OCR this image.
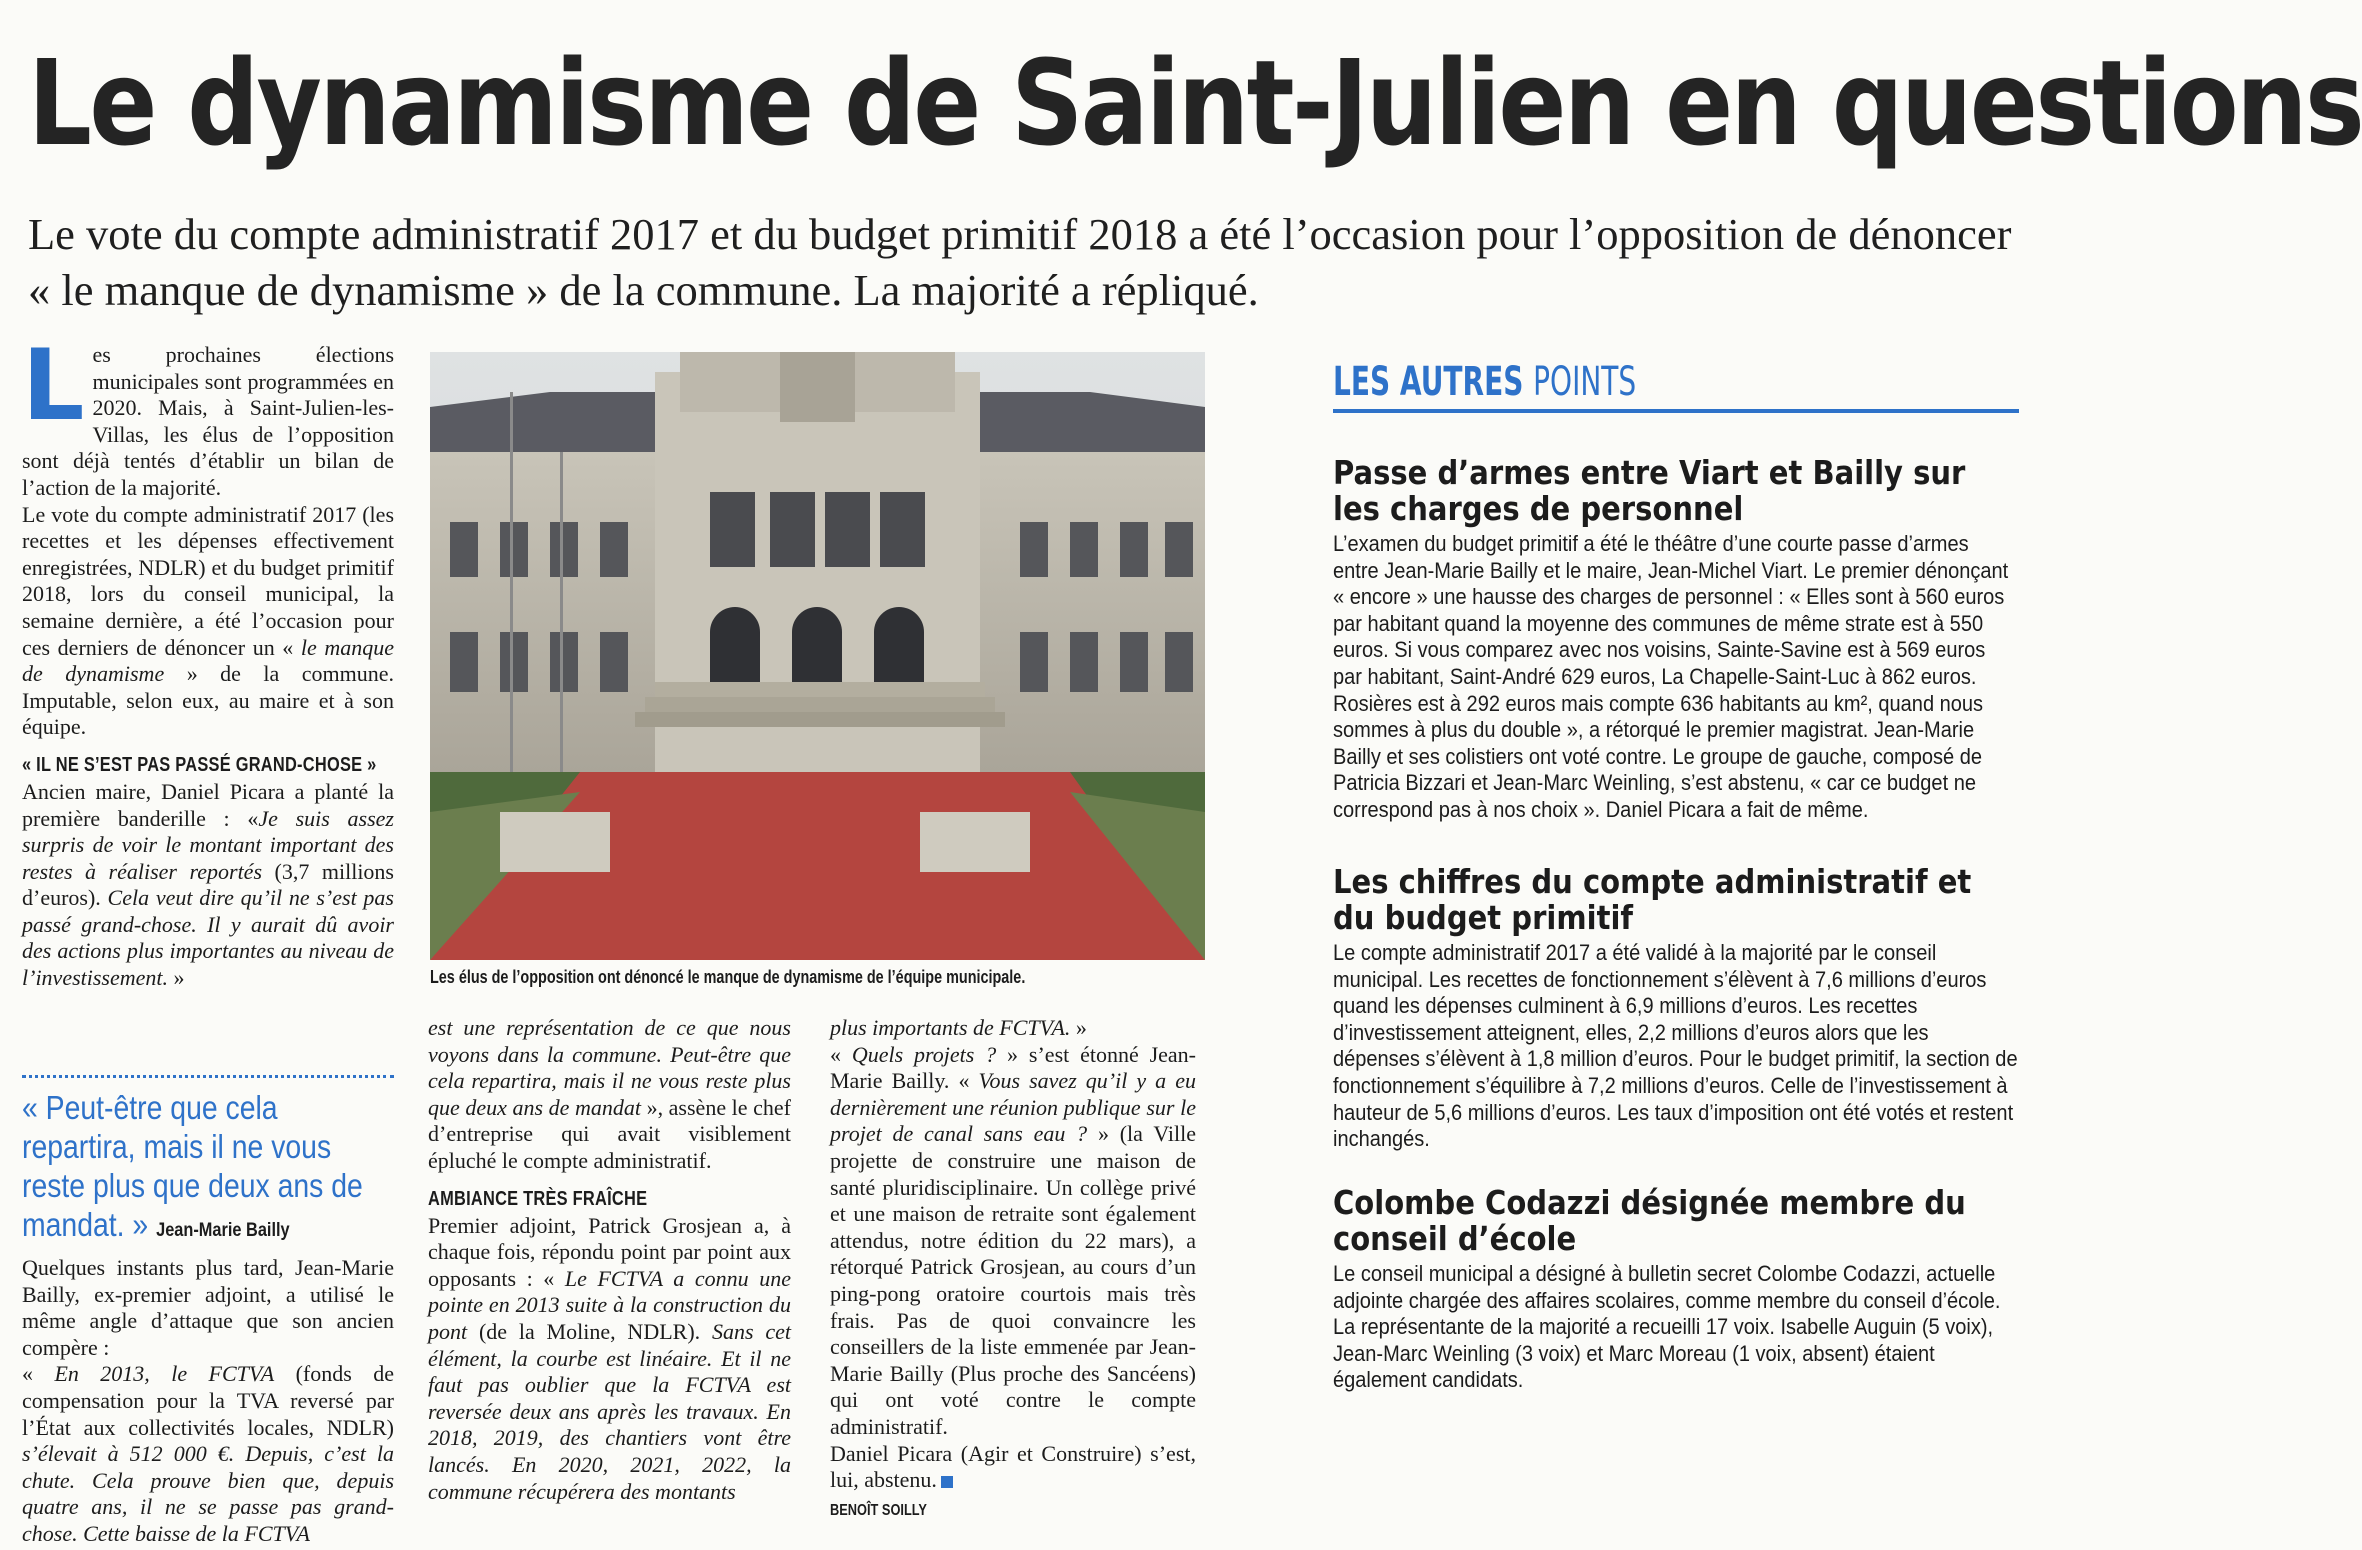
Le dynamisme de Saint-Julien en questions

Le vote du compte administratif 2017 et du budget primitif 2018 a été l’occasion pour l’opposition de dénoncer « le manque de dynamisme » de la commune. La majorité a répliqué.

Les prochaines élections municipales sont programmées en 2020. Mais, à Saint-Julien-les-Villas, les élus de l’opposition sont déjà tentés d’établir un bilan de l’action de la majorité.

Le vote du compte administratif 2017 (les recettes et les dépenses effectivement enregistrées, NDLR) et du budget primitif 2018, lors du conseil municipal, la semaine dernière, a été l’occasion pour ces derniers de dénoncer un « le manque de dynamisme » de la commune. Imputable, selon eux, au maire et à son équipe.

« IL NE S’EST PAS PASSÉ GRAND-CHOSE »

Ancien maire, Daniel Picara a planté la première banderille : «Je suis assez surpris de voir le montant important des restes à réaliser reportés (3,7 millions d’euros). Cela veut dire qu’il ne s’est pas passé grand-chose. Il y aurait dû avoir des actions plus importantes au niveau de l’investissement. »

« Peut-être que cela repartira, mais il ne vous reste plus que deux ans de mandat. » Jean-Marie Bailly

Quelques instants plus tard, Jean-Marie Bailly, ex-premier adjoint, a utilisé le même angle d’attaque que son ancien compère :

« En 2013, le FCTVA (fonds de compensation pour la TVA reversé par l’État aux collectivités locales, NDLR) s’élevait à 512 000 €. Depuis, c’est la chute. Cela prouve bien que, depuis quatre ans, il ne se passe pas grand-chose. Cette baisse de la FCTVA

Les élus de l’opposition ont dénoncé le manque de dynamisme de l’équipe municipale.

est une représentation de ce que nous voyons dans la commune. Peut-être que cela repartira, mais il ne vous reste plus que deux ans de mandat », assène le chef d’entreprise qui avait visiblement épluché le compte administratif.

AMBIANCE TRÈS FRAÎCHE

Premier adjoint, Patrick Grosjean a, à chaque fois, répondu point par point aux opposants : « Le FCTVA a connu une pointe en 2013 suite à la construction du pont (de la Moline, NDLR). Sans cet élément, la courbe est linéaire. Et il ne faut pas oublier que la FCTVA est reversée deux ans après les travaux. En 2018, 2019, des chantiers vont être lancés. En 2020, 2021, 2022, la commune récupérera des montants

plus importants de FCTVA. »

« Quels projets ? » s’est étonné Jean-Marie Bailly. « Vous savez qu’il y a eu dernièrement une réunion publique sur le projet de canal sans eau ? » (la Ville projette de construire une maison de santé pluridisciplinaire. Un collège privé et une maison de retraite sont également attendus, notre édition du 22 mars), a rétorqué Patrick Grosjean, au cours d’un ping-pong oratoire courtois mais très frais. Pas de quoi convaincre les conseillers de la liste emmenée par Jean-Marie Bailly (Plus proche des Sancéens) qui ont voté contre le compte administratif.

Daniel Picara (Agir et Construire) s’est, lui, abstenu.

BENOÎT SOILLY
LES AUTRES POINTS
Passe d’armes entre Viart et Bailly sur les charges de personnel

L’examen du budget primitif a été le théâtre d’une courte passe d’armes entre Jean-Marie Bailly et le maire, Jean-Michel Viart. Le premier dénonçant « encore » une hausse des charges de personnel : « Elles sont à 560 euros par habitant quand la moyenne des communes de même strate est à 550 euros. Si vous comparez avec nos voisins, Sainte-Savine est à 569 euros par habitant, Saint-André 629 euros, La Chapelle-Saint-Luc à 862 euros. Rosières est à 292 euros mais compte 636 habitants au km², quand nous sommes à plus du double », a rétorqué le premier magistrat. Jean-Marie Bailly et ses colistiers ont voté contre. Le groupe de gauche, composé de Patricia Bizzari et Jean-Marc Weinling, s’est abstenu, « car ce budget ne correspond pas à nos choix ». Daniel Picara a fait de même.

Les chiffres du compte administratif et du budget primitif

Le compte administratif 2017 a été validé à la majorité par le conseil municipal. Les recettes de fonctionnement s’élèvent à 7,6 millions d’euros quand les dépenses culminent à 6,9 millions d’euros. Les recettes d’investissement atteignent, elles, 2,2 millions d’euros alors que les dépenses s’élèvent à 1,8 million d’euros. Pour le budget primitif, la section de fonctionnement s’équilibre à 7,2 millions d’euros. Celle de l’investissement à hauteur de 5,6 millions d’euros. Les taux d’imposition ont été votés et restent inchangés.

Colombe Codazzi désignée membre du conseil d’école

Le conseil municipal a désigné à bulletin secret Colombe Codazzi, actuelle adjointe chargée des affaires scolaires, comme membre du conseil d’école. La représentante de la majorité a recueilli 17 voix. Isabelle Auguin (5 voix), Jean-Marc Weinling (3 voix) et Marc Moreau (1 voix, absent) étaient également candidats.
